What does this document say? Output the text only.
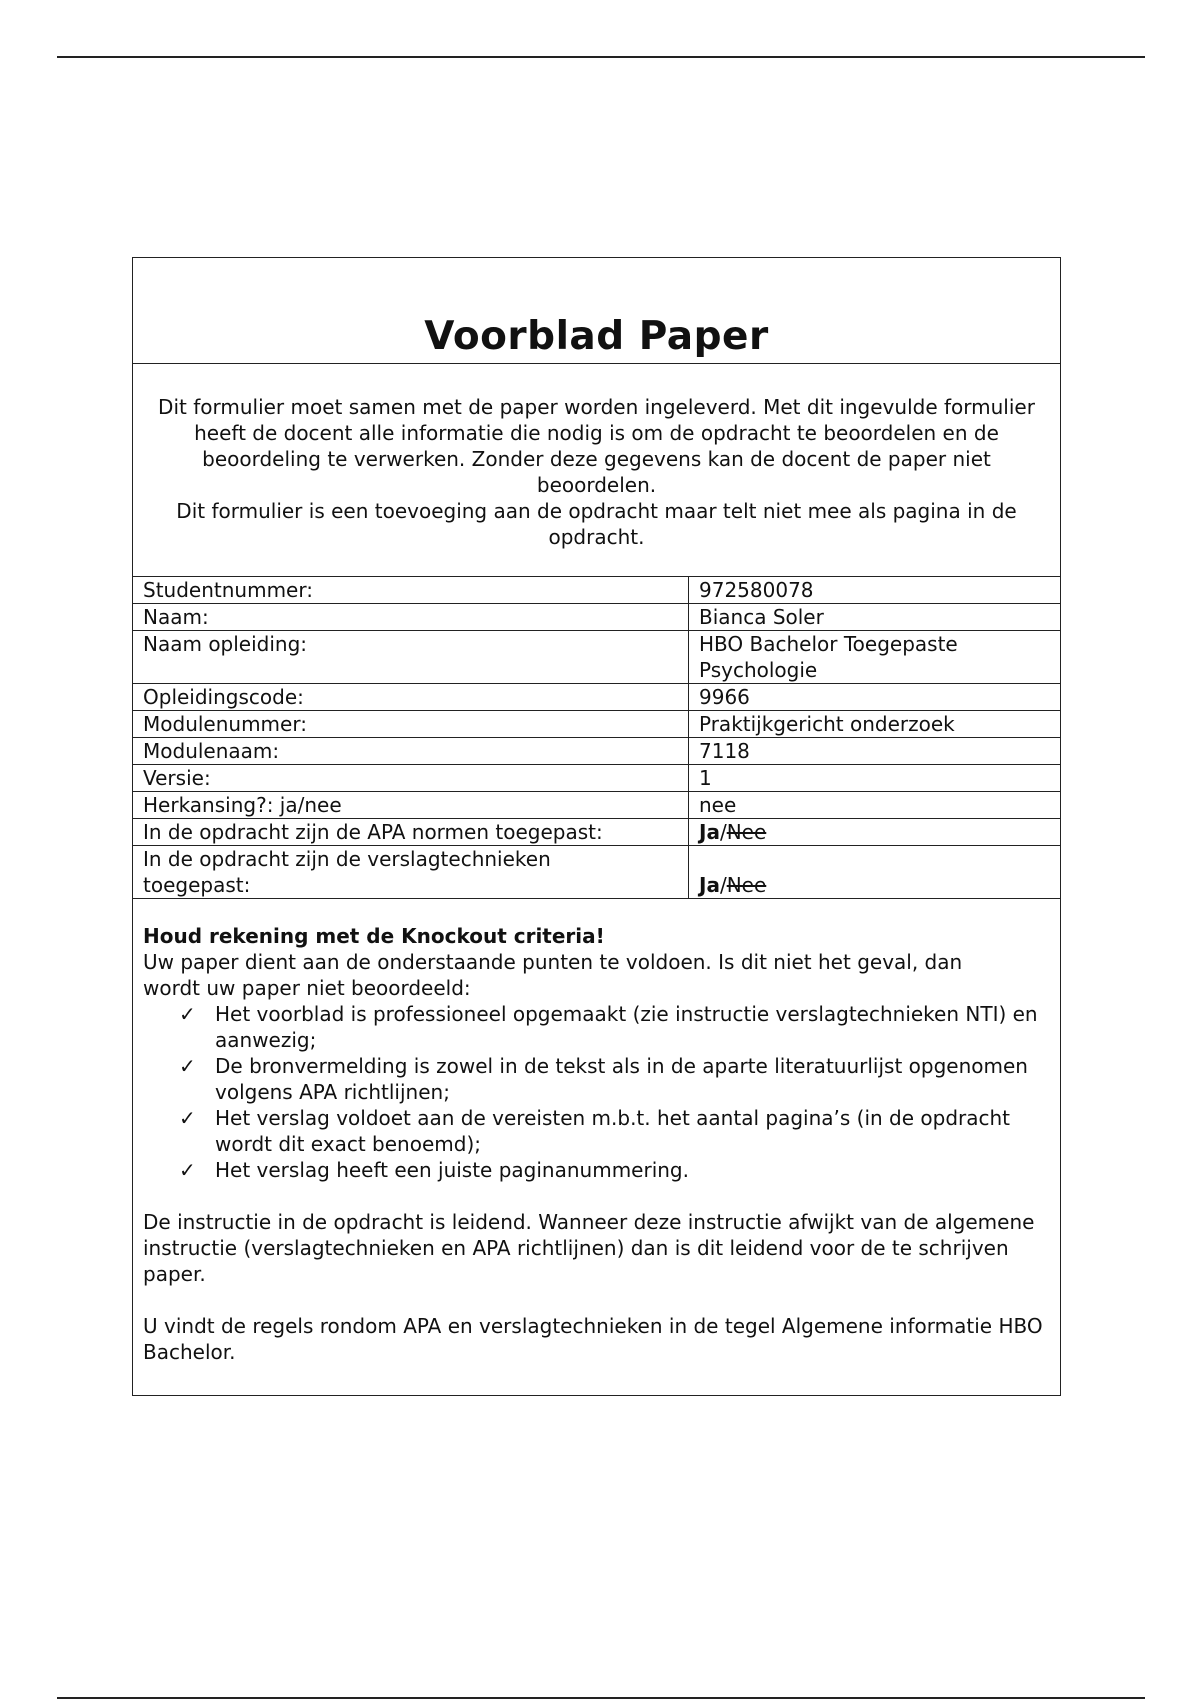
Voorblad Paper

Dit formulier moet samen met de paper worden ingeleverd. Met dit ingevulde formulier heeft de docent alle informatie die nodig is om de opdracht te beoordelen en de beoordeling te verwerken. Zonder deze gegevens kan de docent de paper niet beoordelen.

Dit formulier is een toevoeging aan de opdracht maar telt niet mee als pagina in de opdracht.

Studentnummer:	972580078
Naam:	Bianca Soler
Naam opleiding:	HBO Bachelor Toegepaste Psychologie
Opleidingscode:	9966
Modulenummer:	Praktijkgericht onderzoek
Modulenaam:	7118
Versie:	1
Herkansing?: ja/nee	nee
In de opdracht zijn de APA normen toegepast:	Ja/Nee
In de opdracht zijn de verslagtechnieken toegepast:	Ja/Nee

Houd rekening met de Knockout criteria!

Uw paper dient aan de onderstaande punten te voldoen. Is dit niet het geval, dan wordt uw paper niet beoordeeld:

✓ Het voorblad is professioneel opgemaakt (zie instructie verslagtechnieken NTI) en aanwezig;
✓ De bronvermelding is zowel in de tekst als in de aparte literatuurlijst opgenomen volgens APA richtlijnen;
✓ Het verslag voldoet aan de vereisten m.b.t. het aantal pagina’s (in de opdracht wordt dit exact benoemd);
✓ Het verslag heeft een juiste paginanummering.

De instructie in de opdracht is leidend. Wanneer deze instructie afwijkt van de algemene instructie (verslagtechnieken en APA richtlijnen) dan is dit leidend voor de te schrijven paper.

U vindt de regels rondom APA en verslagtechnieken in de tegel Algemene informatie HBO Bachelor.
